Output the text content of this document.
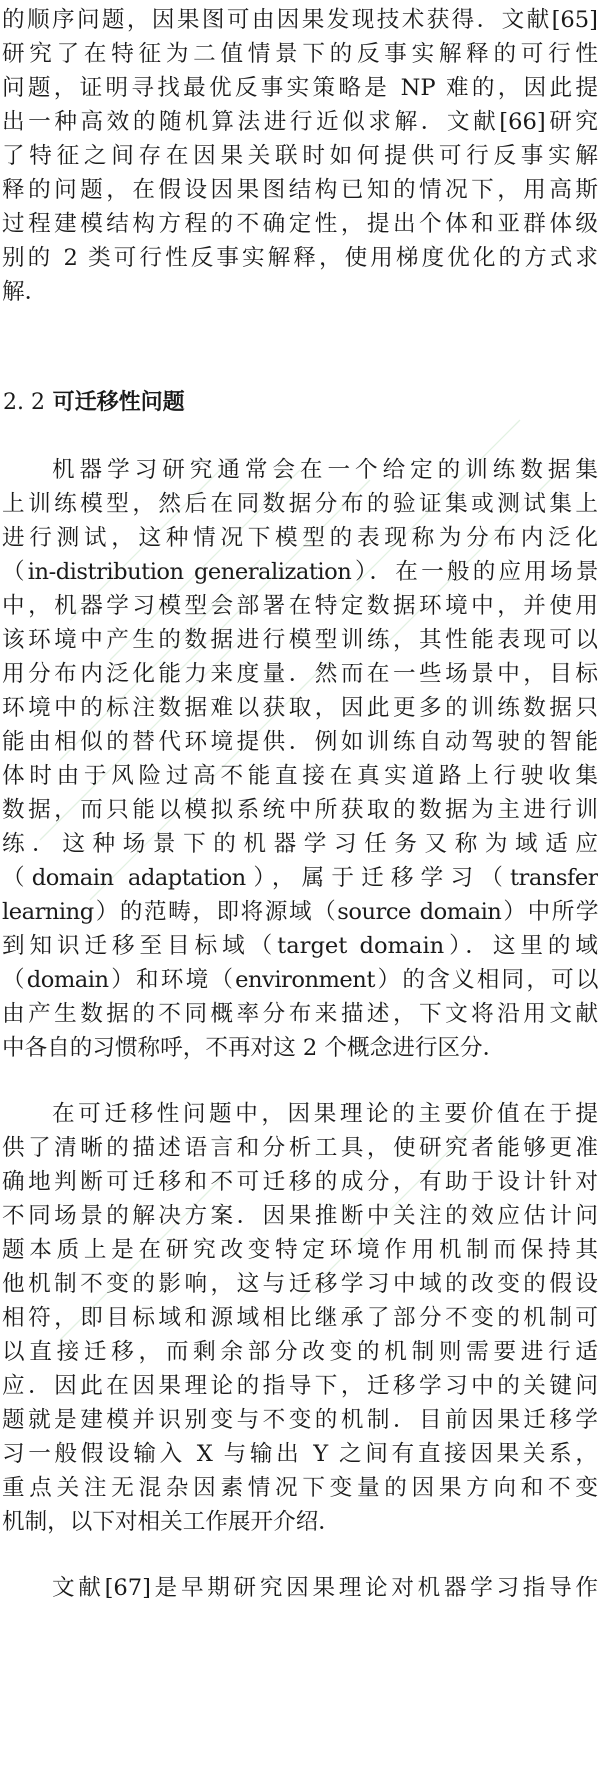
的顺序问题，因果图可由因果发现技术获得．文献[65]
研究了在特征为二值情景下的反事实解释的可行性
问题，证明寻找最优反事实策略是 NP 难的，因此提
出一种高效的随机算法进行近似求解．文献[66]研究
了特征之间存在因果关联时如何提供可行反事实解
释的问题，在假设因果图结构已知的情况下，用高斯
过程建模结构方程的不确定性，提出个体和亚群体级
别的 2 类可行性反事实解释，使用梯度优化的方式求
解．
2. 2 可迁移性问题
机器学习研究通常会在一个给定的训练数据集
上训练模型，然后在同数据分布的验证集或测试集上
进行测试，这种情况下模型的表现称为分布内泛化
（in-distribution generalization）．在一般的应用场景
中，机器学习模型会部署在特定数据环境中，并使用
该环境中产生的数据进行模型训练，其性能表现可以
用分布内泛化能力来度量．然而在一些场景中，目标
环境中的标注数据难以获取，因此更多的训练数据只
能由相似的替代环境提供．例如训练自动驾驶的智能
体时由于风险过高不能直接在真实道路上行驶收集
数据，而只能以模拟系统中所获取的数据为主进行训
练．这种场景下的机器学习任务又称为域适应
（domain adaptation），属于迁移学习（transfer
learning）的范畴，即将源域（source domain）中所学
到知识迁移至目标域（target domain）．这里的域
（domain）和环境（environment）的含义相同，可以
由产生数据的不同概率分布来描述，下文将沿用文献
中各自的习惯称呼，不再对这 2 个概念进行区分．
在可迁移性问题中，因果理论的主要价值在于提
供了清晰的描述语言和分析工具，使研究者能够更准
确地判断可迁移和不可迁移的成分，有助于设计针对
不同场景的解决方案．因果推断中关注的效应估计问
题本质上是在研究改变特定环境作用机制而保持其
他机制不变的影响，这与迁移学习中域的改变的假设
相符，即目标域和源域相比继承了部分不变的机制可
以直接迁移，而剩余部分改变的机制则需要进行适
应．因此在因果理论的指导下，迁移学习中的关键问
题就是建模并识别变与不变的机制．目前因果迁移学
习一般假设输入 X 与输出 Y 之间有直接因果关系，
重点关注无混杂因素情况下变量的因果方向和不变
机制，以下对相关工作展开介绍．
文献[67]是早期研究因果理论对机器学习指导作
